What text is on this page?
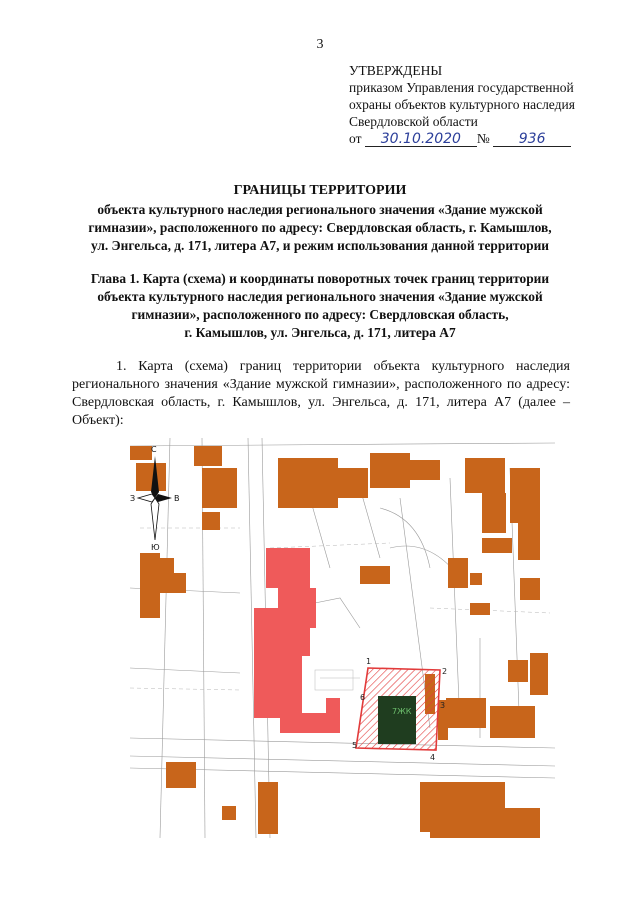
3
УТВЕРЖДЕНЫ
приказом Управления государственной
охраны объектов культурного наследия
Свердловской области
от 30.10.2020 № 936
ГРАНИЦЫ ТЕРРИТОРИИ
объекта культурного наследия регионального значения «Здание мужской
гимназии», расположенного по адресу: Свердловская область, г. Камышлов,
ул. Энгельса, д. 171, литера А7, и режим использования данной территории
Глава 1. Карта (схема) и координаты поворотных точек границ территории
объекта культурного наследия регионального значения «Здание мужской
гимназии», расположенного по адресу: Свердловская область,
г. Камышлов, ул. Энгельса, д. 171, литера А7
1. Карта (схема) границ территории объекта культурного наследия регионального значения «Здание мужской гимназии», расположенного по адресу: Свердловская область, г. Камышлов, ул. Энгельса, д. 171, литера А7 (далее – Объект):
7ЖК
1
2
3
4
5
6
С
Ю
З	В
